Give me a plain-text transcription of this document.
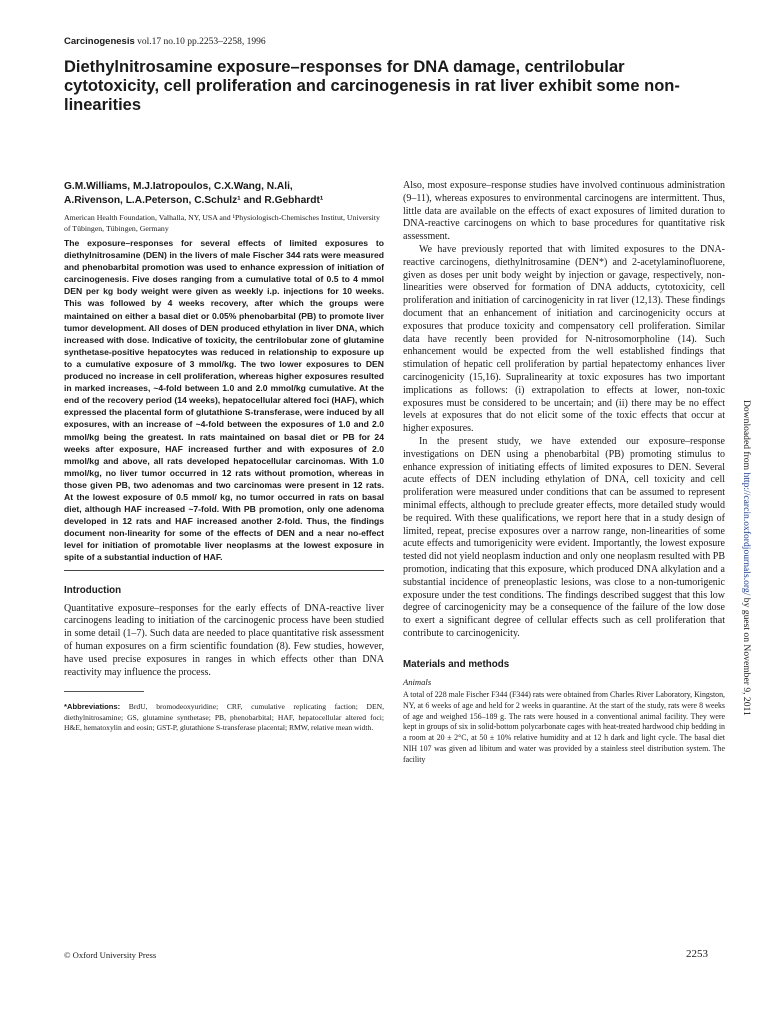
Carcinogenesis vol.17 no.10 pp.2253–2258, 1996
Diethylnitrosamine exposure–responses for DNA damage, centrilobular cytotoxicity, cell proliferation and carcinogenesis in rat liver exhibit some non-linearities

G.M.Williams, M.J.Iatropoulos, C.X.Wang, N.Ali,
A.Rivenson, L.A.Peterson, C.Schulz¹ and R.Gebhardt¹

American Health Foundation, Valhalla, NY, USA and ¹Physiologisch-Chemisches Institut, University of Tübingen, Tübingen, Germany

The exposure–responses for several effects of limited exposures to diethylnitrosamine (DEN) in the livers of male Fischer 344 rats were measured and phenobarbital promotion was used to enhance expression of initiation of carcinogenesis. Five doses ranging from a cumulative total of 0.5 to 4 mmol DEN per kg body weight were given as weekly i.p. injections for 10 weeks. This was followed by 4 weeks recovery, after which the groups were maintained on either a basal diet or 0.05% phenobarbital (PB) to promote liver tumor development. All doses of DEN produced ethylation in liver DNA, which increased with dose. Indicative of toxicity, the centrilobular zone of glutamine synthetase-positive hepatocytes was reduced in relationship to exposure up to a cumulative exposure of 3 mmol/kg. The two lower exposures to DEN produced no increase in cell proliferation, whereas higher exposures resulted in marked increases, ~4-fold between 1.0 and 2.0 mmol/kg cumulative. At the end of the recovery period (14 weeks), hepatocellular altered foci (HAF), which expressed the placental form of glutathione S-transferase, were induced by all exposures, with an increase of ~4-fold between the exposures of 1.0 and 2.0 mmol/kg being the greatest. In rats maintained on basal diet or PB for 24 weeks after exposure, HAF increased further and with exposures of 2.0 mmol/kg and above, all rats developed hepatocellular carcinomas. With 1.0 mmol/kg, no liver tumor occurred in 12 rats without promotion, whereas in those given PB, two adenomas and two carcinomas were present in 12 rats. At the lowest exposure of 0.5 mmol/ kg, no tumor occurred in rats on basal diet, although HAF increased ~7-fold. With PB promotion, only one adenoma developed in 12 rats and HAF increased another 2-fold. Thus, the findings document non-linearity for some of the effects of DEN and a near no-effect level for initiation of promotable liver neoplasms at the lowest exposure in spite of a substantial induction of HAF.

Introduction

Quantitative exposure–responses for the early effects of DNA-reactive liver carcinogens leading to initiation of the carcinogenic process have been studied in some detail (1–7). Such data are needed to place quantitative risk assessment of human exposures on a firm scientific foundation (8). Few studies, however, have used precise exposures in ranges in which effects other than DNA reactivity may influence the process.

*Abbreviations: BrdU, bromodeoxyuridine; CRF, cumulative replicating faction; DEN, diethylnitrosamine; GS, glutamine synthetase; PB, phenobarbital; HAF, hepatocellular altered foci; H&E, hematoxylin and eosin; GST-P, glutathione S-transferase placental; RMW, relative mean width.

Also, most exposure–response studies have involved continuous administration (9–11), whereas exposures to environmental carcinogens are intermittent. Thus, little data are available on the effects of exact exposures of limited duration to DNA-reactive carcinogens on which to base procedures for quantitative risk assessment.

We have previously reported that with limited exposures to the DNA-reactive carcinogens, diethylnitrosamine (DEN*) and 2-acetylaminofluorene, given as doses per unit body weight by injection or gavage, respectively, non-linearities were observed for formation of DNA adducts, cytotoxicity, cell proliferation and initiation of carcinogenicity in rat liver (12,13). These findings document that an enhancement of initiation and carcinogenicity occurs at exposures that produce toxicity and compensatory cell proliferation. Similar data have recently been provided for N-nitrosomorpholine (14). Such enhancement would be expected from the well established findings that stimulation of hepatic cell proliferation by partial hepatectomy enhances liver carcinogenicity (15,16). Supralinearity at toxic exposures has two important implications as follows: (i) extrapolation to effects at lower, non-toxic exposures must be considered to be uncertain; and (ii) there may be no effect levels at exposures that do not elicit some of the toxic effects that occur at higher exposures.

In the present study, we have extended our exposure–response investigations on DEN using a phenobarbital (PB) promoting stimulus to enhance expression of initiating effects of limited exposures to DEN. Several acute effects of DEN including ethylation of DNA, cell toxicity and cell proliferation were measured under conditions that can be assumed to represent minimal effects, although to preclude greater effects, more detailed study would be required. With these qualifications, we report here that in a study design of limited, repeat, precise exposures over a narrow range, non-linearities of some acute effects and tumorigenicity were evident. Importantly, the lowest exposure tested did not yield neoplasm induction and only one neoplasm resulted with PB promotion, indicating that this exposure, which produced DNA alkylation and a substantial incidence of preneoplastic lesions, was close to a non-tumorigenic exposure under the test conditions. The findings described suggest that this low degree of carcinogenicity may be a consequence of the failure of the low dose to exert a significant degree of cellular effects such as cell proliferation that contribute to carcinogenicity.

Materials and methods

Animals

A total of 228 male Fischer F344 (F344) rats were obtained from Charles River Laboratory, Kingston, NY, at 6 weeks of age and held for 2 weeks in quarantine. At the start of the study, rats were 8 weeks of age and weighed 156–189 g. The rats were housed in a conventional animal facility. They were kept in groups of six in solid-bottom polycarbonate cages with heat-treated hardwood chip bedding in a room at 20 ± 2°C, at 50 ± 10% relative humidity and at 12 h dark and light cycle. The basal diet NIH 107 was given ad libitum and water was provided by a stainless steel distribution system. The facility

© Oxford University Press	2253
Downloaded from http://carcin.oxfordjournals.org/ by guest on November 9, 2011
